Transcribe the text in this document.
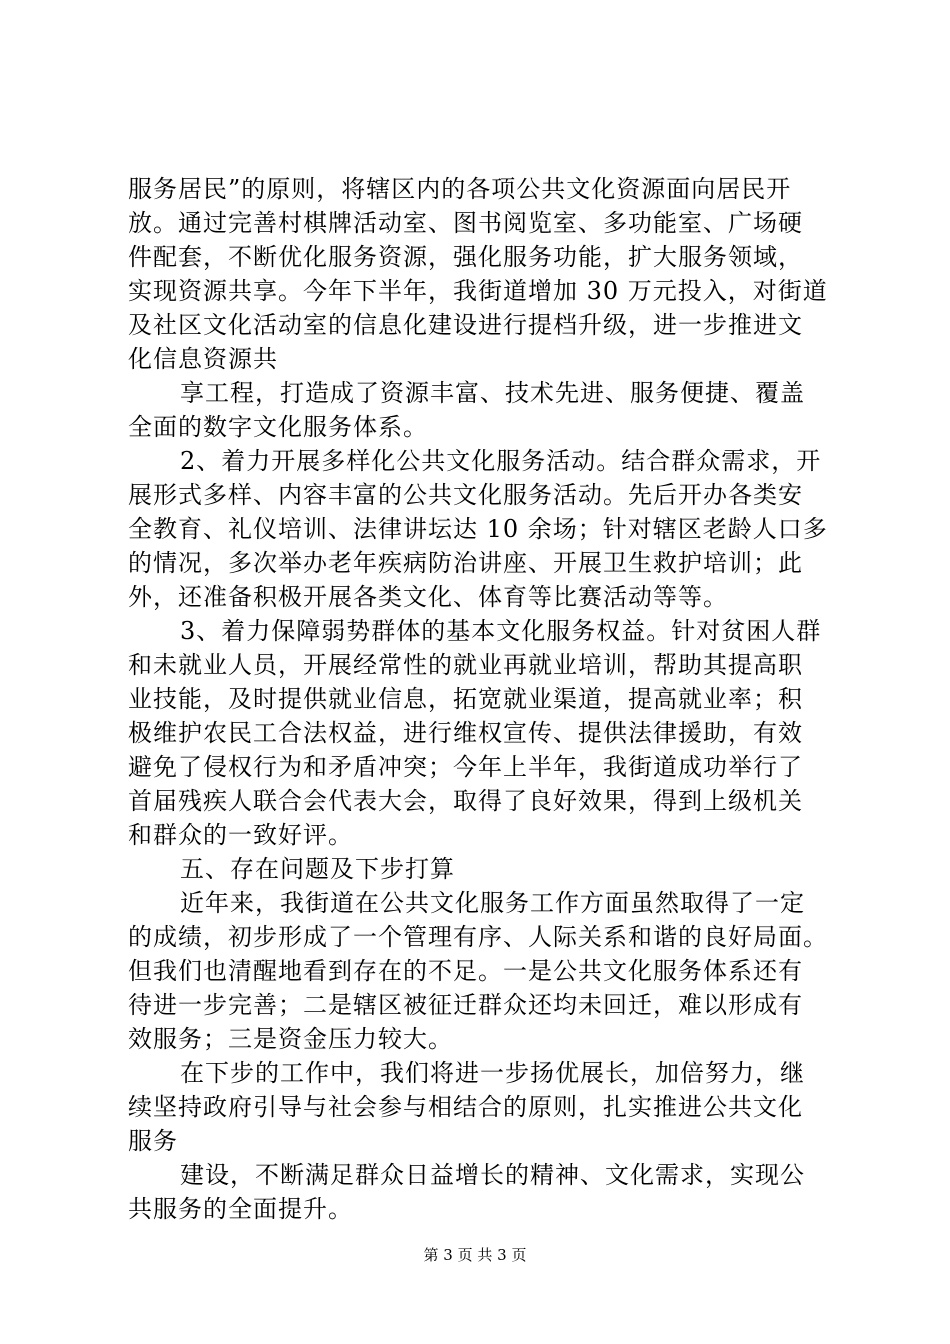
服务居民”的原则，将辖区内的各项公共文化资源面向居民开
放。通过完善村棋牌活动室、图书阅览室、多功能室、广场硬
件配套，不断优化服务资源，强化服务功能，扩大服务领域，
实现资源共享。今年下半年，我街道增加 30 万元投入，对街道
及社区文化活动室的信息化建设进行提档升级，进一步推进文
化信息资源共
享工程，打造成了资源丰富、技术先进、服务便捷、覆盖
全面的数字文化服务体系。
2、着力开展多样化公共文化服务活动。结合群众需求，开
展形式多样、内容丰富的公共文化服务活动。先后开办各类安
全教育、礼仪培训、法律讲坛达 10 余场；针对辖区老龄人口多
的情况，多次举办老年疾病防治讲座、开展卫生救护培训；此
外，还准备积极开展各类文化、体育等比赛活动等等。
3、着力保障弱势群体的基本文化服务权益。针对贫困人群
和未就业人员，开展经常性的就业再就业培训，帮助其提高职
业技能，及时提供就业信息，拓宽就业渠道，提高就业率；积
极维护农民工合法权益，进行维权宣传、提供法律援助，有效
避免了侵权行为和矛盾冲突；今年上半年，我街道成功举行了
首届残疾人联合会代表大会，取得了良好效果，得到上级机关
和群众的一致好评。
五、存在问题及下步打算
近年来，我街道在公共文化服务工作方面虽然取得了一定
的成绩，初步形成了一个管理有序、人际关系和谐的良好局面。
但我们也清醒地看到存在的不足。一是公共文化服务体系还有
待进一步完善；二是辖区被征迁群众还均未回迁，难以形成有
效服务；三是资金压力较大。
在下步的工作中，我们将进一步扬优展长，加倍努力，继
续坚持政府引导与社会参与相结合的原则，扎实推进公共文化
服务
建设，不断满足群众日益增长的精神、文化需求，实现公
共服务的全面提升。
第 3 页 共 3 页
